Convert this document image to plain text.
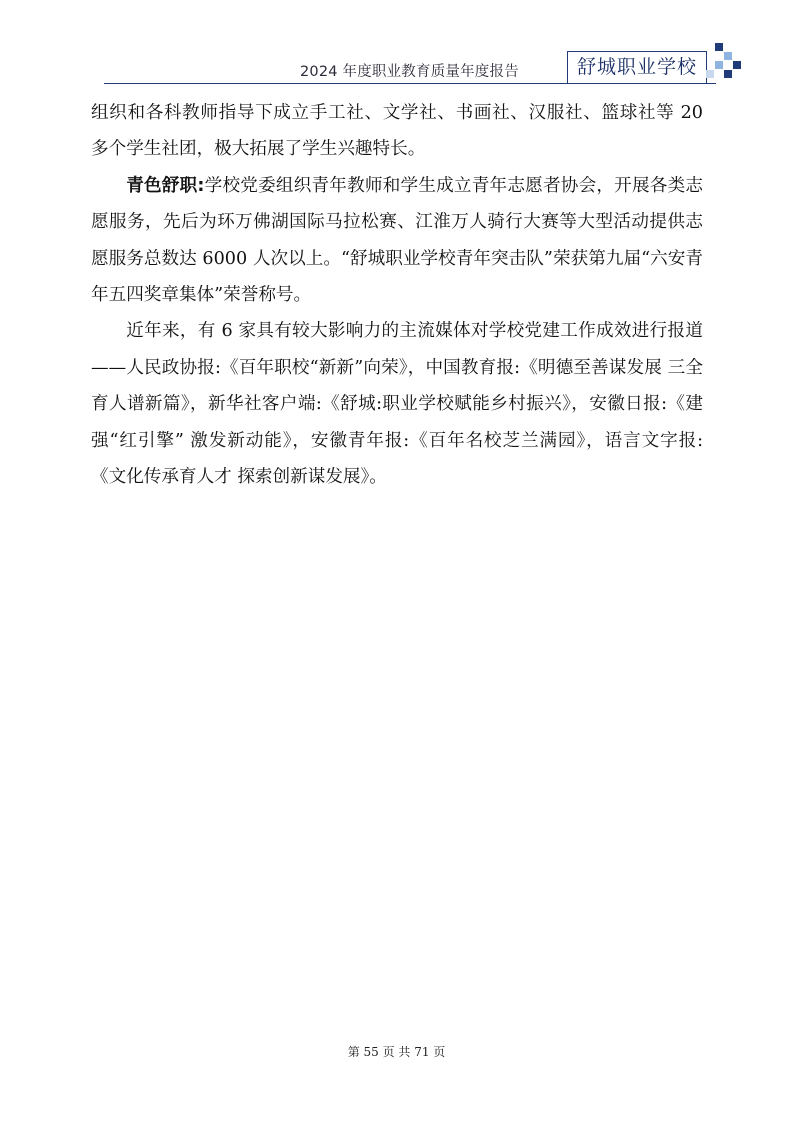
2024 年度职业教育质量年度报告	舒城职业学校

组织和各科教师指导下成立手工社、文学社、书画社、汉服社、篮球社等 20 多个学生社团，极大拓展了学生兴趣特长。

青色舒职:学校党委组织青年教师和学生成立青年志愿者协会，开展各类志愿服务，先后为环万佛湖国际马拉松赛、江淮万人骑行大赛等大型活动提供志愿服务总数达 6000 人次以上。“舒城职业学校青年突击队”荣获第九届“六安青年五四奖章集体”荣誉称号。

近年来，有 6 家具有较大影响力的主流媒体对学校党建工作成效进行报道——人民政协报:《百年职校“新新”向荣》，中国教育报:《明德至善谋发展 三全育人谱新篇》，新华社客户端:《舒城:职业学校赋能乡村振兴》，安徽日报:《建强“红引擎” 激发新动能》，安徽青年报:《百年名校芝兰满园》，语言文字报:《文化传承育人才 探索创新谋发展》。

第 55 页 共 71 页
